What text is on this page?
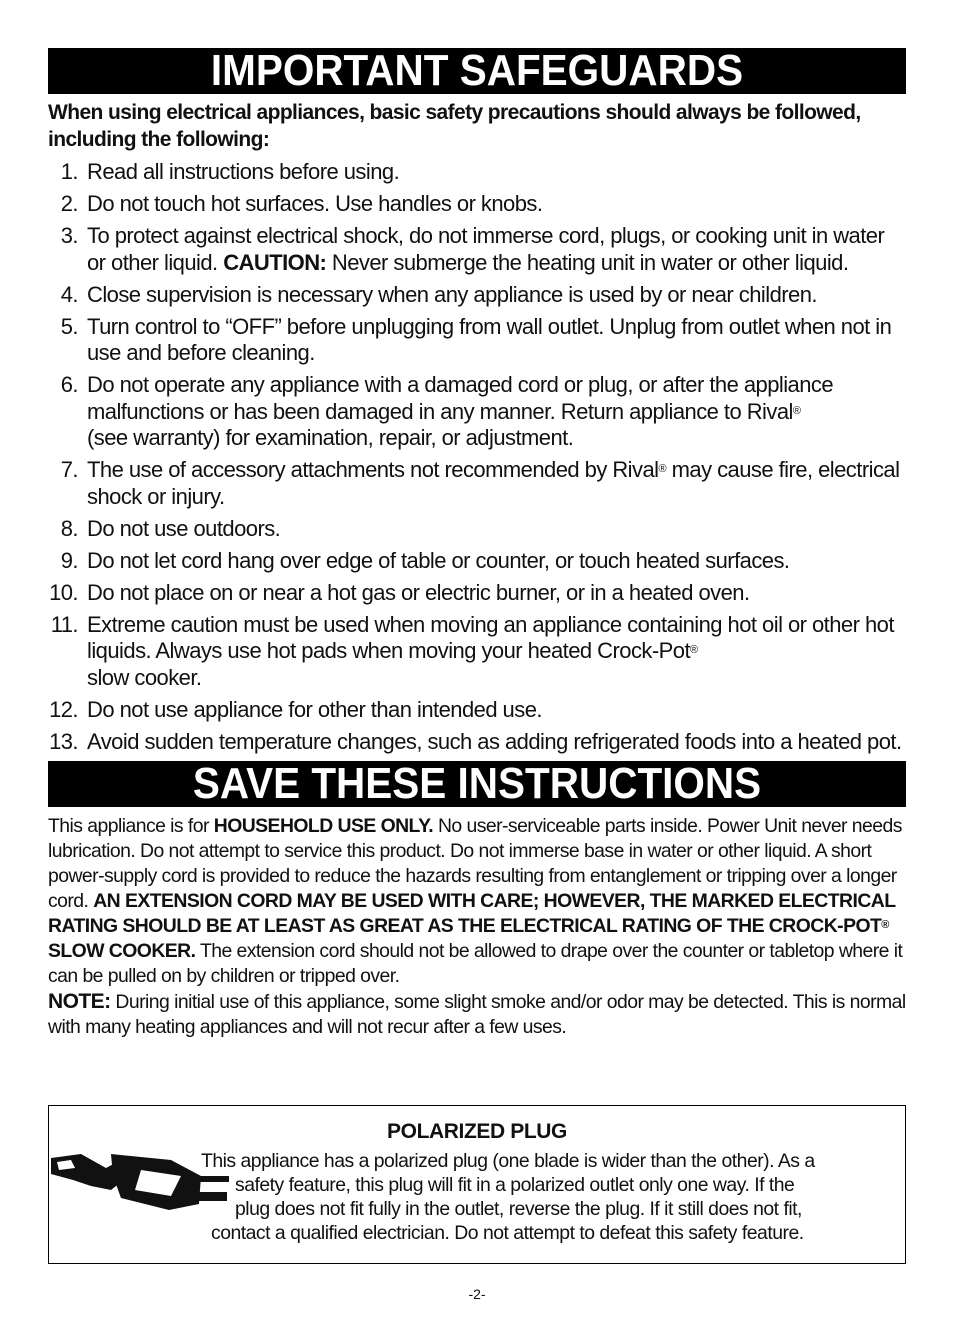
IMPORTANT SAFEGUARDS
When using electrical appliances, basic safety precautions should always be followed, including the following:
1. Read all instructions before using.
2. Do not touch hot surfaces. Use handles or knobs.
3. To protect against electrical shock, do not immerse cord, plugs, or cooking unit in water or other liquid. CAUTION: Never submerge the heating unit in water or other liquid.
4. Close supervision is necessary when any appliance is used by or near children.
5. Turn control to “OFF” before unplugging from wall outlet. Unplug from outlet when not in use and before cleaning.
6. Do not operate any appliance with a damaged cord or plug, or after the appliance malfunctions or has been damaged in any manner. Return appliance to Rival®
(see warranty) for examination, repair, or adjustment.
7. The use of accessory attachments not recommended by Rival® may cause fire, electrical shock or injury.
8. Do not use outdoors.
9. Do not let cord hang over edge of table or counter, or touch heated surfaces.
10. Do not place on or near a hot gas or electric burner, or in a heated oven.
11. Extreme caution must be used when moving an appliance containing hot oil or other hot liquids. Always use hot pads when moving your heated Crock-Pot®
slow cooker.
12. Do not use appliance for other than intended use.
13. Avoid sudden temperature changes, such as adding refrigerated foods into a heated pot.
SAVE THESE INSTRUCTIONS
This appliance is for HOUSEHOLD USE ONLY. No user-serviceable parts inside. Power Unit never needs lubrication. Do not attempt to service this product. Do not immerse base in water or other liquid. A short power-supply cord is provided to reduce the hazards resulting from entanglement or tripping over a longer cord. AN EXTENSION CORD MAY BE USED WITH CARE; HOWEVER, THE MARKED ELECTRICAL RATING SHOULD BE AT LEAST AS GREAT AS THE ELECTRICAL RATING OF THE CROCK-POT® SLOW COOKER. The extension cord should not be allowed to drape over the counter or tabletop where it can be pulled on by children or tripped over.
NOTE: During initial use of this appliance, some slight smoke and/or odor may be detected. This is normal with many heating appliances and will not recur after a few uses.
POLARIZED PLUG
This appliance has a polarized plug (one blade is wider than the other). As a
safety feature, this plug will fit in a polarized outlet only one way. If the
plug does not fit fully in the outlet, reverse the plug. If it still does not fit,
contact a qualified electrician. Do not attempt to defeat this safety feature.
-2-
